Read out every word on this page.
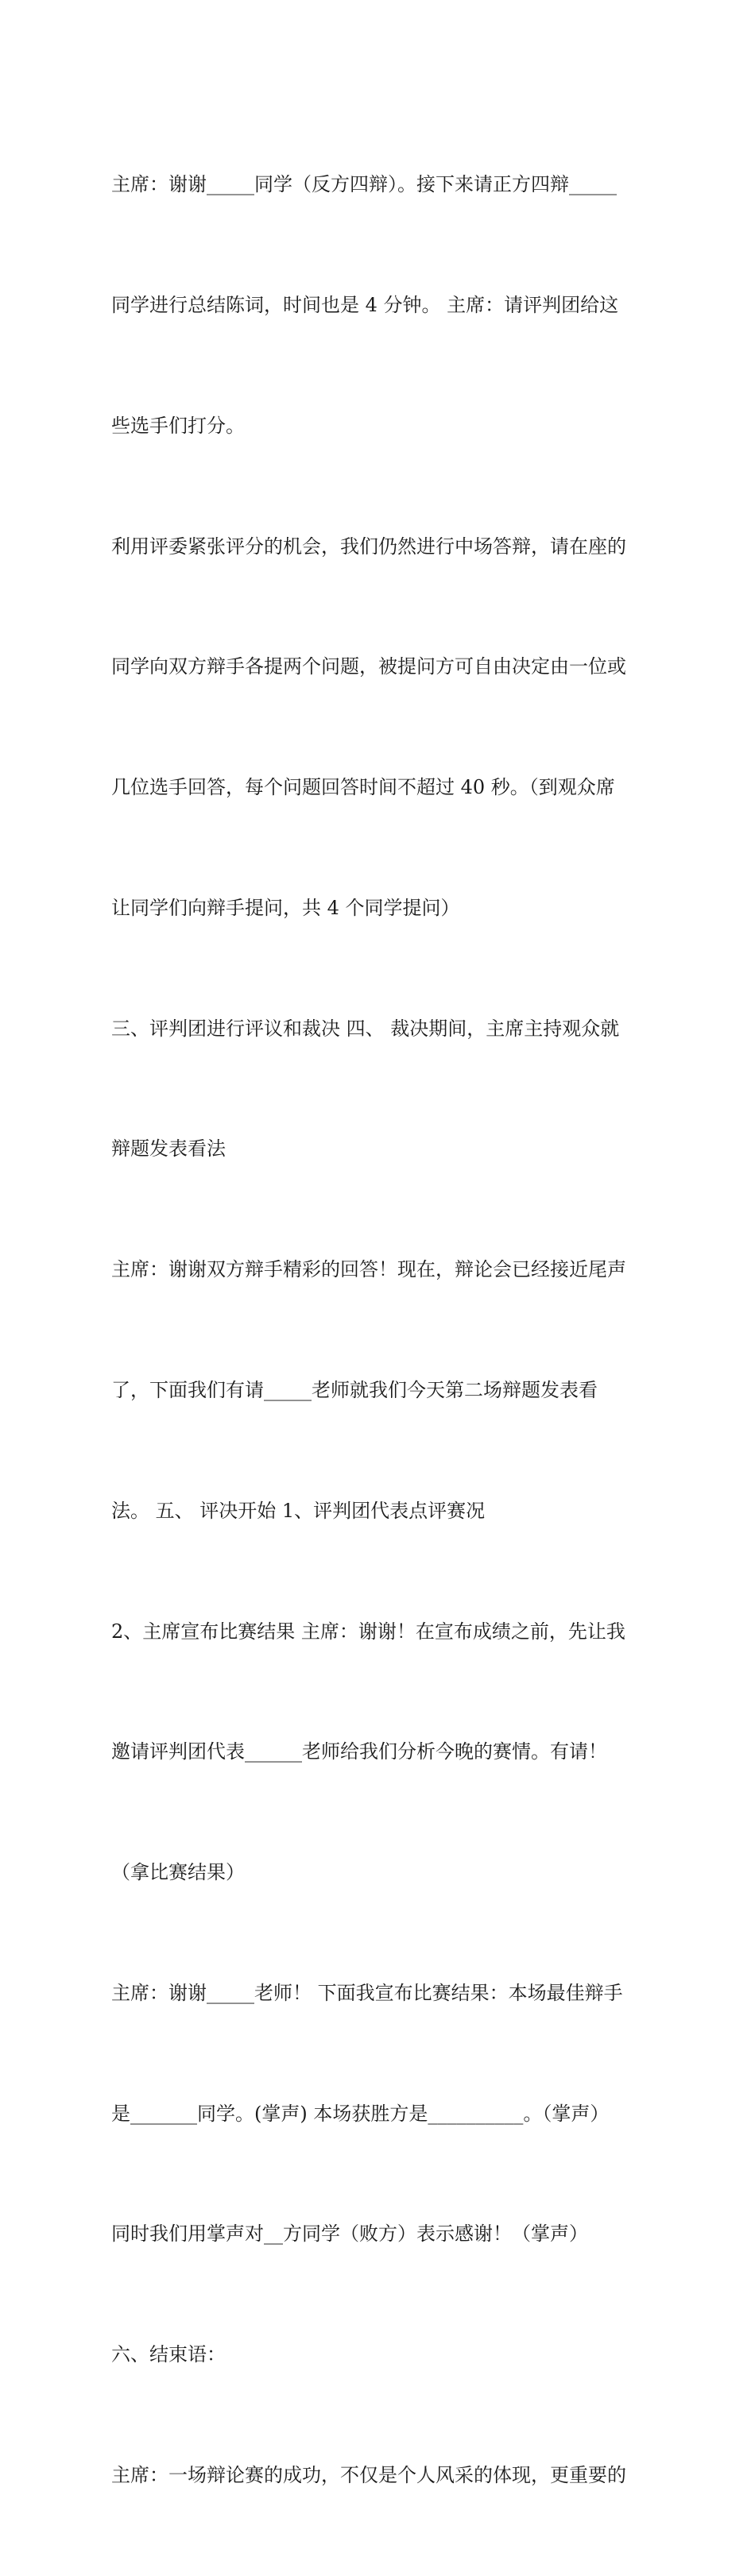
主席：谢谢_____同学（反方四辩）。接下来请正方四辩_____

同学进行总结陈词，时间也是 4 分钟。 主席：请评判团给这

些选手们打分。

利用评委紧张评分的机会，我们仍然进行中场答辩，请在座的

同学向双方辩手各提两个问题，被提问方可自由决定由一位或

几位选手回答，每个问题回答时间不超过 40 秒。（到观众席

让同学们向辩手提问，共 4 个同学提问）

三、评判团进行评议和裁决 四、 裁决期间，主席主持观众就

辩题发表看法

主席：谢谢双方辩手精彩的回答！现在，辩论会已经接近尾声

了，下面我们有请_____老师就我们今天第二场辩题发表看

法。 五、 评决开始 1、评判团代表点评赛况

2、主席宣布比赛结果 主席：谢谢！在宣布成绩之前，先让我

邀请评判团代表______老师给我们分析今晚的赛情。有请！

（拿比赛结果）

主席：谢谢_____老师！ 下面我宣布比赛结果：本场最佳辩手

是_______同学。(掌声) 本场获胜方是__________。（掌声）

同时我们用掌声对__方同学（败方）表示感谢！（掌声）

六、结束语：

主席：一场辩论赛的成功，不仅是个人风采的体现，更重要的
